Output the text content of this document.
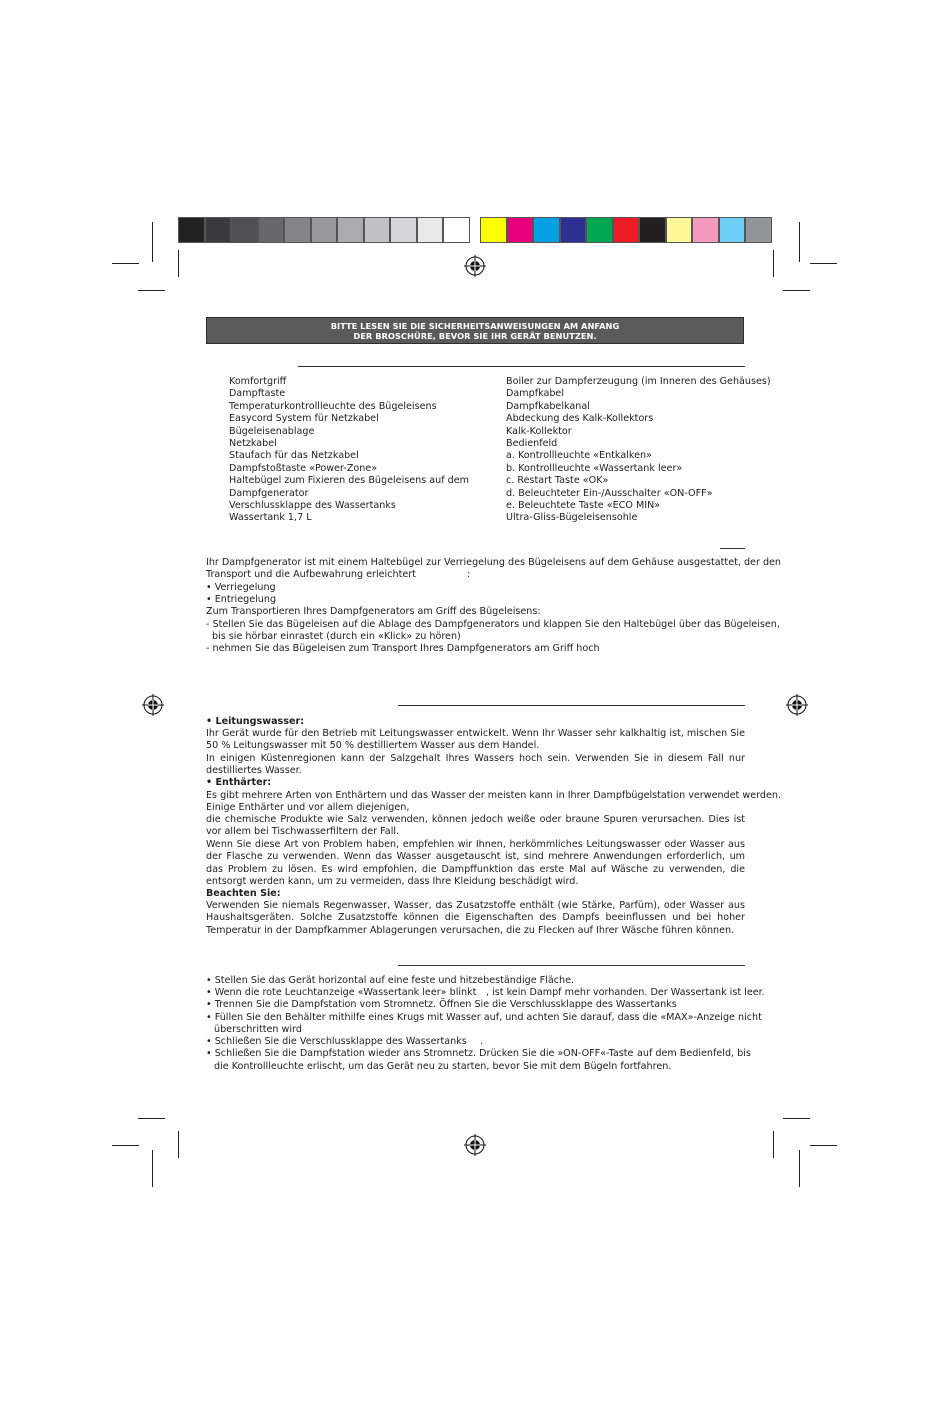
BITTE LESEN SIE DIE SICHERHEITSANWEISUNGEN AM ANFANG
DER BROSCHÜRE, BEVOR SIE IHR GERÄT BENUTZEN.
Komfortgriff
Dampftaste
Temperaturkontrollleuchte des Bügeleisens
Easycord System für Netzkabel
Bügeleisenablage
Netzkabel
Staufach für das Netzkabel
Dampfstoßtaste «Power-Zone»
Haltebügel zum Fixieren des Bügeleisens auf dem
Dampfgenerator
Verschlussklappe des Wassertanks
Wassertank 1,7 L
Boiler zur Dampferzeugung (im Inneren des Gehäuses)
Dampfkabel
Dampfkabelkanal
Abdeckung des Kalk-Kollektors
Kalk-Kollektor
Bedienfeld
a. Kontrollleuchte «Entkalken»
b. Kontrollleuchte «Wassertank leer»
c. Restart Taste «OK»
d. Beleuchteter Ein-/Ausschalter «ON-OFF»
e. Beleuchtete Taste «ECO MIN»
Ultra-Gliss-Bügeleisensohle
Ihr Dampfgenerator ist mit einem Haltebügel zur Verriegelung des Bügeleisens auf dem Gehäuse ausgestattet, der den
Transport und die Aufbewahrung erleichtert	:
• Verriegelung
• Entriegelung
Zum Transportieren Ihres Dampfgenerators am Griff des Bügeleisens:
- Stellen Sie das Bügeleisen auf die Ablage des Dampfgenerators und klappen Sie den Haltebügel über das Bügeleisen,
bis sie hörbar einrastet (durch ein «Klick» zu hören)
- nehmen Sie das Bügeleisen zum Transport Ihres Dampfgenerators am Griff hoch
• Leitungswasser:
Ihr Gerät wurde für den Betrieb mit Leitungswasser entwickelt. Wenn Ihr Wasser sehr kalkhaltig ist, mischen Sie 50 % Leitungswasser mit 50 % destilliertem Wasser aus dem Handel.
In einigen Küstenregionen kann der Salzgehalt Ihres Wassers hoch sein. Verwenden Sie in diesem Fall nur destilliertes Wasser.
• Enthärter:
Es gibt mehrere Arten von Enthärtern und das Wasser der meisten kann in Ihrer Dampfbügelstation verwendet werden.
Einige Enthärter und vor allem diejenigen,
die chemische Produkte wie Salz verwenden, können jedoch weiße oder braune Spuren verursachen. Dies ist vor allem bei Tischwasserfiltern der Fall.
Wenn Sie diese Art von Problem haben, empfehlen wir Ihnen, herkömmliches Leitungswasser oder Wasser aus der Flasche zu verwenden. Wenn das Wasser ausgetauscht ist, sind mehrere Anwendungen erforderlich, um das Problem zu lösen. Es wird empfohlen, die Dampffunktion das erste Mal auf Wäsche zu verwenden, die entsorgt werden kann, um zu vermeiden, dass Ihre Kleidung beschädigt wird.
Beachten Sie:
Verwenden Sie niemals Regenwasser, Wasser, das Zusatzstoffe enthält (wie Stärke, Parfüm), oder Wasser aus Haushaltsgeräten. Solche Zusatzstoffe können die Eigenschaften des Dampfs beeinflussen und bei hoher Temperatur in der Dampfkammer Ablagerungen verursachen, die zu Flecken auf Ihrer Wäsche führen können.
• Stellen Sie das Gerät horizontal auf eine feste und hitzebeständige Fläche.
• Wenn die rote Leuchtanzeige «Wassertank leer» blinkt , ist kein Dampf mehr vorhanden. Der Wassertank ist leer.
• Trennen Sie die Dampfstation vom Stromnetz. Öffnen Sie die Verschlussklappe des Wassertanks
• Füllen Sie den Behälter mithilfe eines Krugs mit Wasser auf, und achten Sie darauf, dass die «MAX»-Anzeige nicht
überschritten wird
• Schließen Sie die Verschlussklappe des Wassertanks .
• Schließen Sie die Dampfstation wieder ans Stromnetz. Drücken Sie die »ON-OFF«-Taste auf dem Bedienfeld, bis
die Kontrollleuchte erlischt, um das Gerät neu zu starten, bevor Sie mit dem Bügeln fortfahren.
